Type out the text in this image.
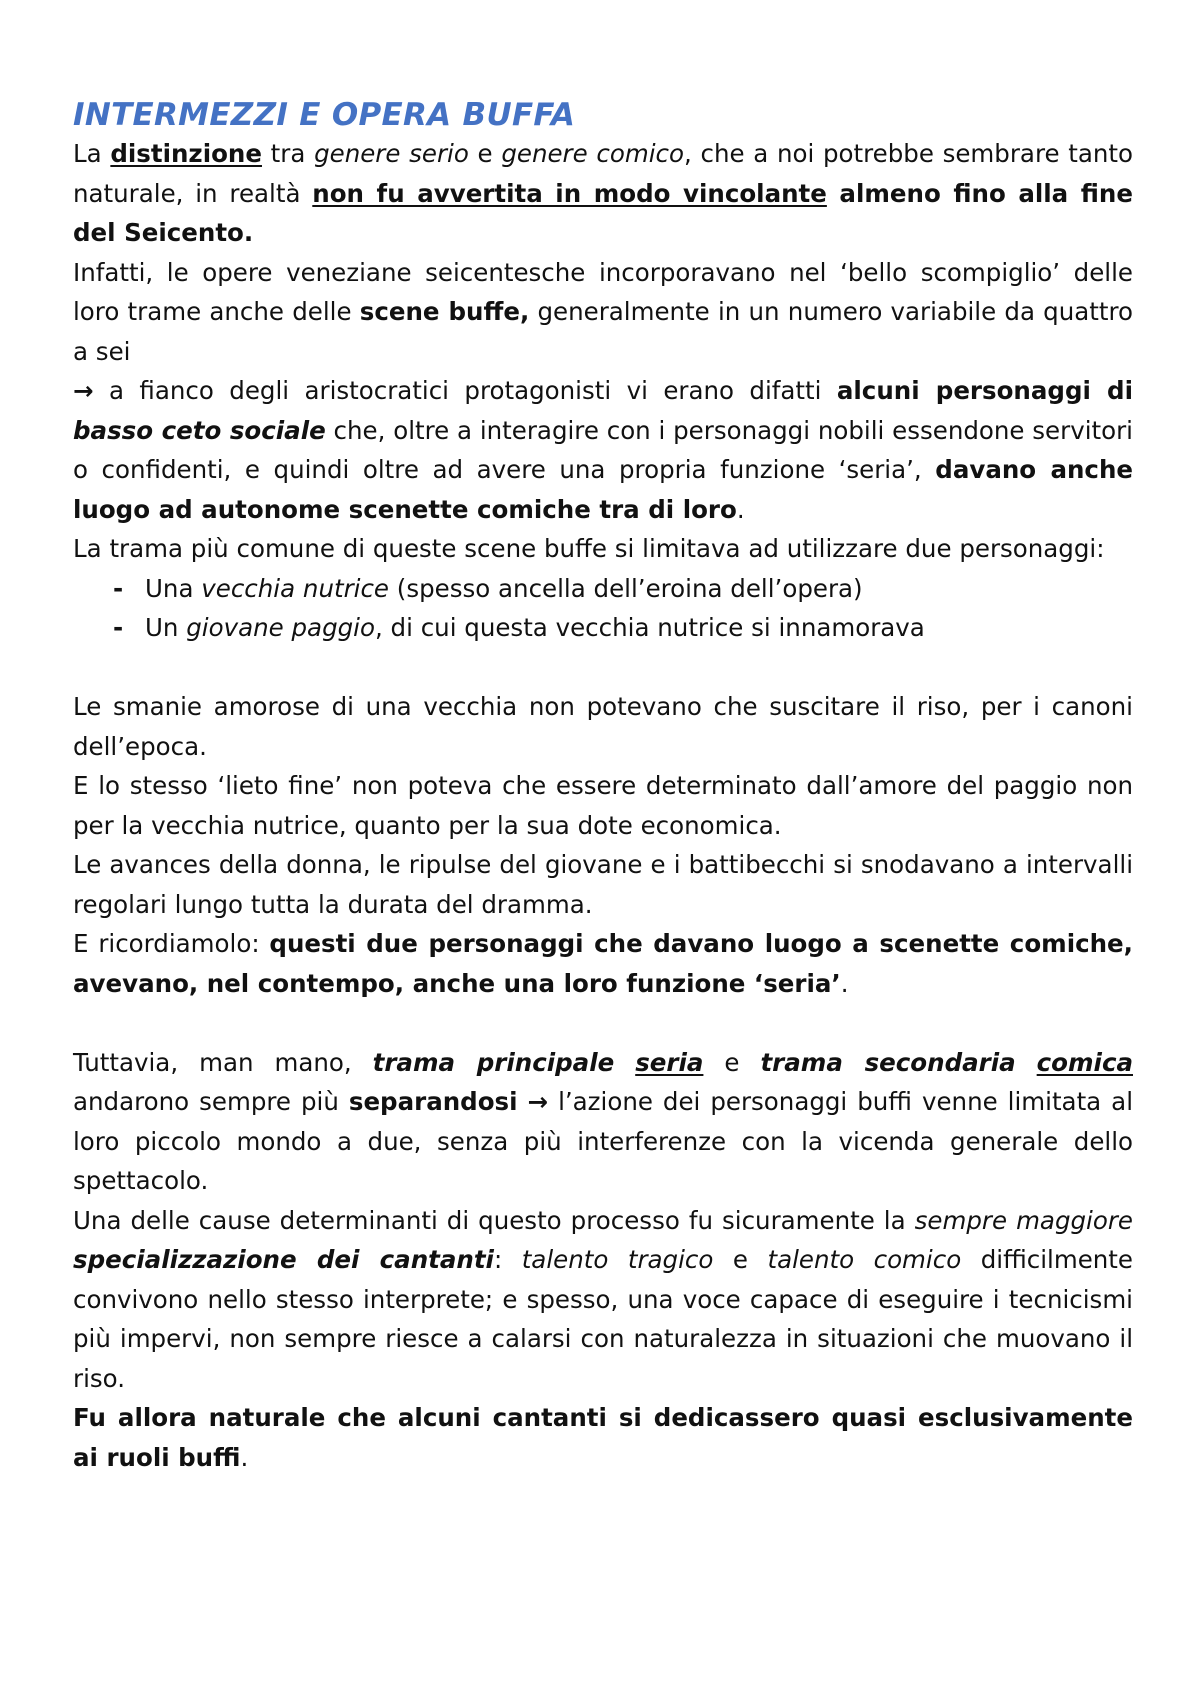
INTERMEZZI E OPERA BUFFA

La distinzione tra genere serio e genere comico, che a noi potrebbe sembrare tanto naturale, in realtà non fu avvertita in modo vincolante almeno fino alla fine del Seicento.

Infatti, le opere veneziane seicentesche incorporavano nel ‘bello scompiglio’ delle loro trame anche delle scene buffe, generalmente in un numero variabile da quattro a sei

→ a fianco degli aristocratici protagonisti vi erano difatti alcuni personaggi di basso ceto sociale che, oltre a interagire con i personaggi nobili essendone servitori o confidenti, e quindi oltre ad avere una propria funzione ‘seria’, davano anche luogo ad autonome scenette comiche tra di loro.

La trama più comune di queste scene buffe si limitava ad utilizzare due personaggi:

- Una vecchia nutrice (spesso ancella dell’eroina dell’opera)
- Un giovane paggio, di cui questa vecchia nutrice si innamorava

Le smanie amorose di una vecchia non potevano che suscitare il riso, per i canoni dell’epoca.

E lo stesso ‘lieto fine’ non poteva che essere determinato dall’amore del paggio non per la vecchia nutrice, quanto per la sua dote economica.

Le avances della donna, le ripulse del giovane e i battibecchi si snodavano a intervalli regolari lungo tutta la durata del dramma.

E ricordiamolo: questi due personaggi che davano luogo a scenette comiche, avevano, nel contempo, anche una loro funzione ‘seria’.

Tuttavia, man mano, trama principale seria e trama secondaria comica andarono sempre più separandosi → l’azione dei personaggi buffi venne limitata al loro piccolo mondo a due, senza più interferenze con la vicenda generale dello spettacolo.

Una delle cause determinanti di questo processo fu sicuramente la sempre maggiore specializzazione dei cantanti: talento tragico e talento comico difficilmente convivono nello stesso interprete; e spesso, una voce capace di eseguire i tecnicismi più impervi, non sempre riesce a calarsi con naturalezza in situazioni che muovano il riso.

Fu allora naturale che alcuni cantanti si dedicassero quasi esclusivamente ai ruoli buffi.
